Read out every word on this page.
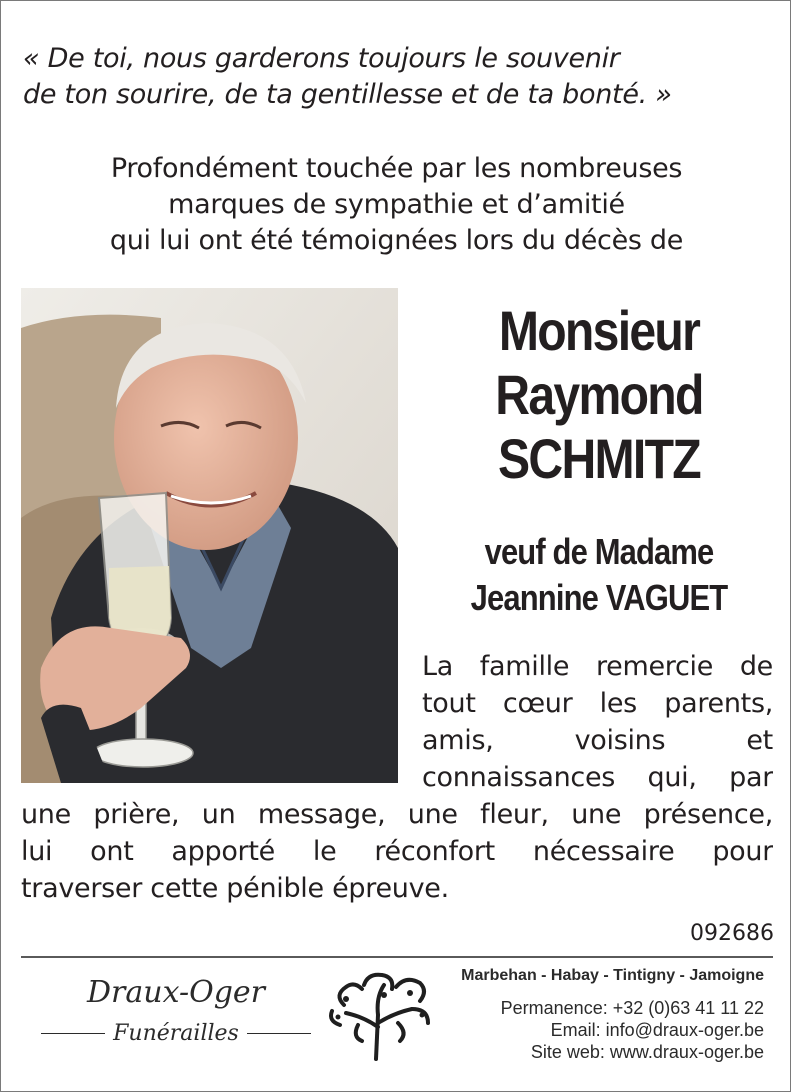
« De toi, nous garderons toujours le souvenir
de ton sourire, de ta gentillesse et de ta bonté. »
Profondément touchée par les nombreuses
marques de sympathie et d’amitié
qui lui ont été témoignées lors du décès de
Monsieur
Raymond
SCHMITZ
veuf de Madame
Jeannine VAGUET
La famille remercie de
tout cœur les parents,
amis,	voisins	et
connaissances qui, par
une prière, un message, une fleur, une présence,
lui ont apporté le réconfort nécessaire pour
traverser cette pénible épreuve.
092686
Draux-Oger
Funérailles
Marbehan - Habay - Tintigny - Jamoigne
Permanence: +32 (0)63 41 11 22
Email: info@draux-oger.be
Site web: www.draux-oger.be
